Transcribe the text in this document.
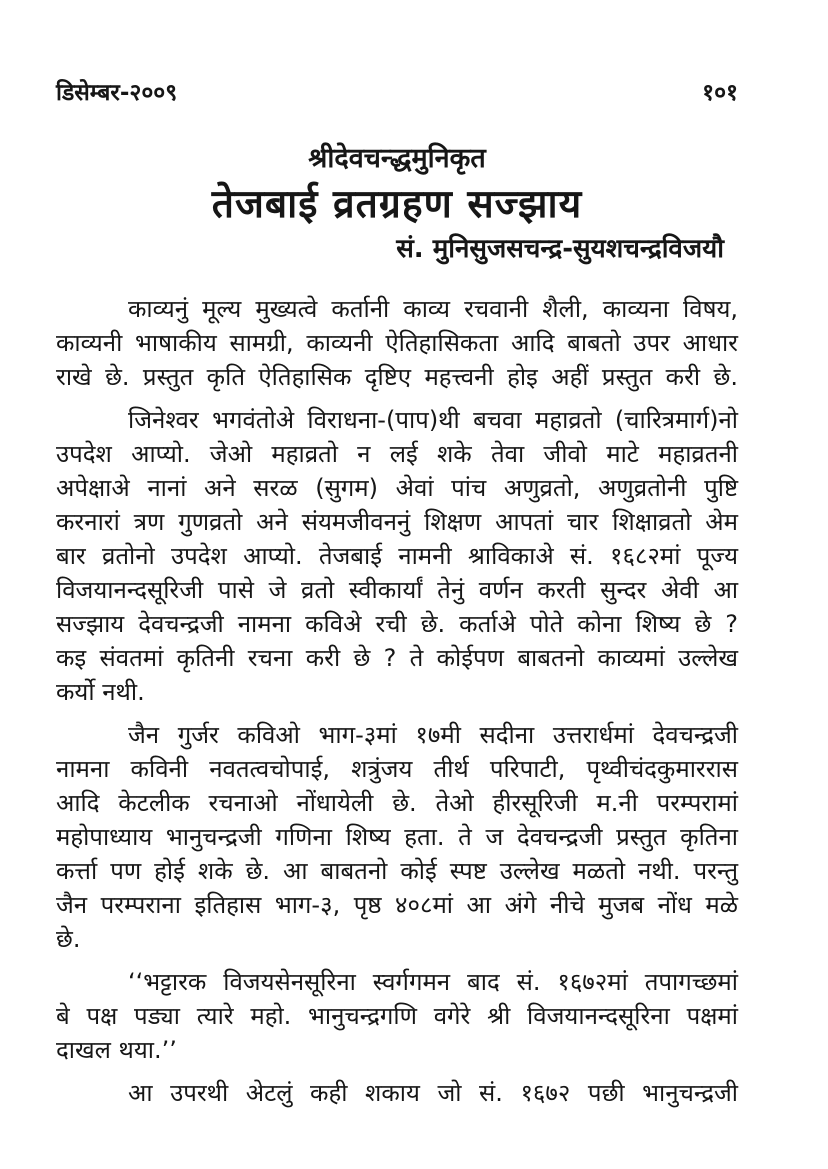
डिसेम्बर-२००९	१०१
श्रीदेवचन्द्धमुनिकृत
तेजबाई व्रतग्रहण सज्झाय
सं. मुनिसुजसचन्द्र-सुयशचन्द्रविजयौ
काव्यनुं मूल्य मुख्यत्वे कर्तानी काव्य रचवानी शैली, काव्यना विषय,
काव्यनी भाषाकीय सामग्री, काव्यनी ऐतिहासिकता आदि बाबतो उपर आधार
राखे छे. प्रस्तुत कृति ऐतिहासिक दृष्टिए महत्त्वनी होइ अहीं प्रस्तुत करी छे.
जिनेश्वर भगवंतोअे विराधना-(पाप)थी बचवा महाव्रतो (चारित्रमार्ग)नो
उपदेश आप्यो. जेओ महाव्रतो न लई शके तेवा जीवो माटे महाव्रतनी
अपेक्षाअे नानां अने सरळ (सुगम) अेवां पांच अणुव्रतो, अणुव्रतोनी पुष्टि
करनारां त्रण गुणव्रतो अने संयमजीवननुं शिक्षण आपतां चार शिक्षाव्रतो अेम
बार व्रतोनो उपदेश आप्यो. तेजबाई नामनी श्राविकाअे सं. १६८२मां पूज्य
विजयानन्दसूरिजी पासे जे व्रतो स्वीकार्यां तेनुं वर्णन करती सुन्दर अेवी आ
सज्झाय देवचन्द्रजी नामना कविअे रची छे. कर्ताअे पोते कोना शिष्य छे ?
कइ संवतमां कृतिनी रचना करी छे ? ते कोईपण बाबतनो काव्यमां उल्लेख
कर्यो नथी.
जैन गुर्जर कविओ भाग-३मां १७मी सदीना उत्तरार्धमां देवचन्द्रजी
नामना कविनी नवतत्वचोपाई, शत्रुंजय तीर्थ परिपाटी, पृथ्वीचंदकुमाररास
आदि केटलीक रचनाओ नोंधायेली छे. तेओ हीरसूरिजी म.नी परम्परामां
महोपाध्याय भानुचन्द्रजी गणिना शिष्य हता. ते ज देवचन्द्रजी प्रस्तुत कृतिना
कर्त्ता पण होई शके छे. आ बाबतनो कोई स्पष्ट उल्लेख मळतो नथी. परन्तु
जैन परम्पराना इतिहास भाग-३, पृष्ठ ४०८मां आ अंगे नीचे मुजब नोंध मळे
छे.
‘‘भट्टारक विजयसेनसूरिना स्वर्गगमन बाद सं. १६७२मां तपागच्छमां
बे पक्ष पड्या त्यारे महो. भानुचन्द्रगणि वगेरे श्री विजयानन्दसूरिना पक्षमां
दाखल थया.’’
आ उपरथी अेटलुं कही शकाय जो सं. १६७२ पछी भानुचन्द्रजी
